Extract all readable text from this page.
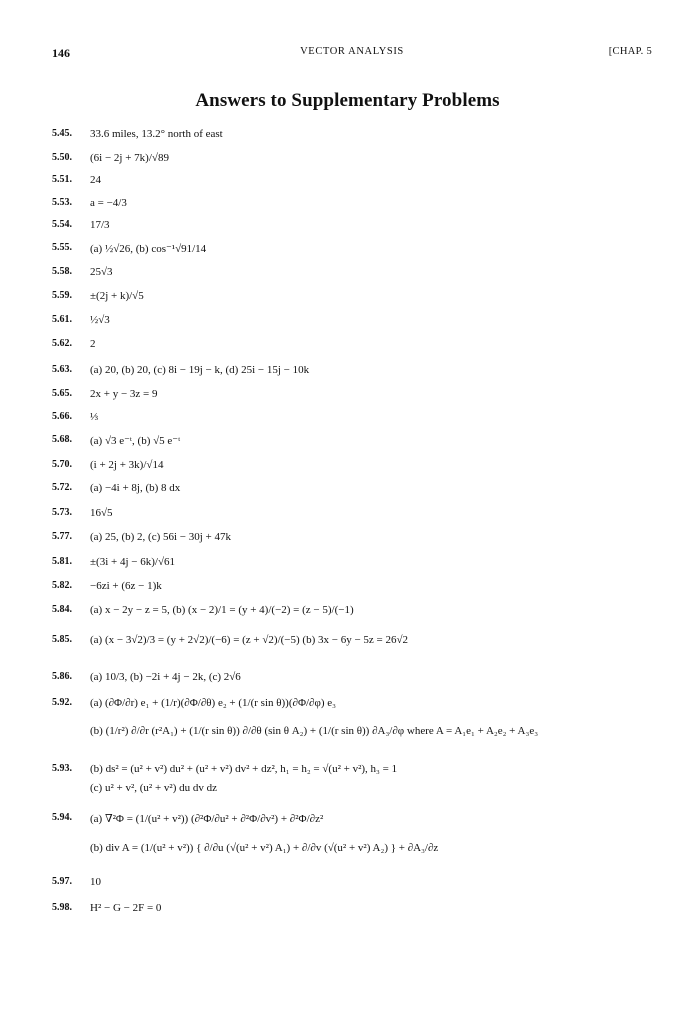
146	VECTOR ANALYSIS	[CHAP. 5
Answers to Supplementary Problems
5.45. 33.6 miles, 13.2° north of east
5.50. (6i − 2j + 7k)/√89
5.51. 24
5.53. a = −4/3
5.54. 17/3
5.55. (a) ½√26, (b) cos⁻¹√91/14
5.58. 25√3
5.59. ±(2j + k)/√5
5.61. ½√3
5.62. 2
5.63. (a) 20, (b) 20, (c) 8i − 19j − k, (d) 25i − 15j − 10k
5.65. 2x + y − 3z = 9
5.66. ⅓
5.68. (a) √3 e⁻ᵗ, (b) √5 e⁻ᵗ
5.70. (i + 2j + 3k)/√14
5.72. (a) −4i + 8j, (b) 8 dx
5.73. 16√5
5.77. (a) 25, (b) 2, (c) 56i − 30j + 47k
5.81. ±(3i + 4j − 6k)/√61
5.82. −6zi + (6z − 1)k
5.84. (a) x − 2y − z = 5, (b) (x − 2)/1 = (y + 4)/(−2) = (z − 5)/(−1)
5.85. (a) (x − 3√2)/3 = (y + 2√2)/(−6) = (z + √2)/(−5) (b) 3x − 6y − 5z = 26√2
5.86. (a) 10/3, (b) −2i + 4j − 2k, (c) 2√6
5.92. (a) (∂Φ/∂r) e₁ + (1/r)(∂Φ/∂θ) e₂ + (1/(r sin θ))(∂Φ/∂φ) e₃
(b) (1/r²) ∂/∂r (r²A₁) + (1/(r sin θ)) ∂/∂θ (sin θ A₂) + (1/(r sin θ)) ∂A₃/∂φ where A = A₁e₁ + A₂e₂ + A₃e₃
5.93. (b) ds² = (u² + v²) du² + (u² + v²) dv² + dz², h₁ = h₂ = √(u² + v²), h₃ = 1
(c) u² + v², (u² + v²) du dv dz
5.94. (a) ∇²Φ = (1/(u² + v²)) (∂²Φ/∂u² + ∂²Φ/∂v²) + ∂²Φ/∂z²
(b) div A = (1/(u² + v²)) { ∂/∂u (√(u² + v²) A₁) + ∂/∂v (√(u² + v²) A₂) } + ∂A₃/∂z
5.97. 10
5.98. H² − G − 2F = 0
